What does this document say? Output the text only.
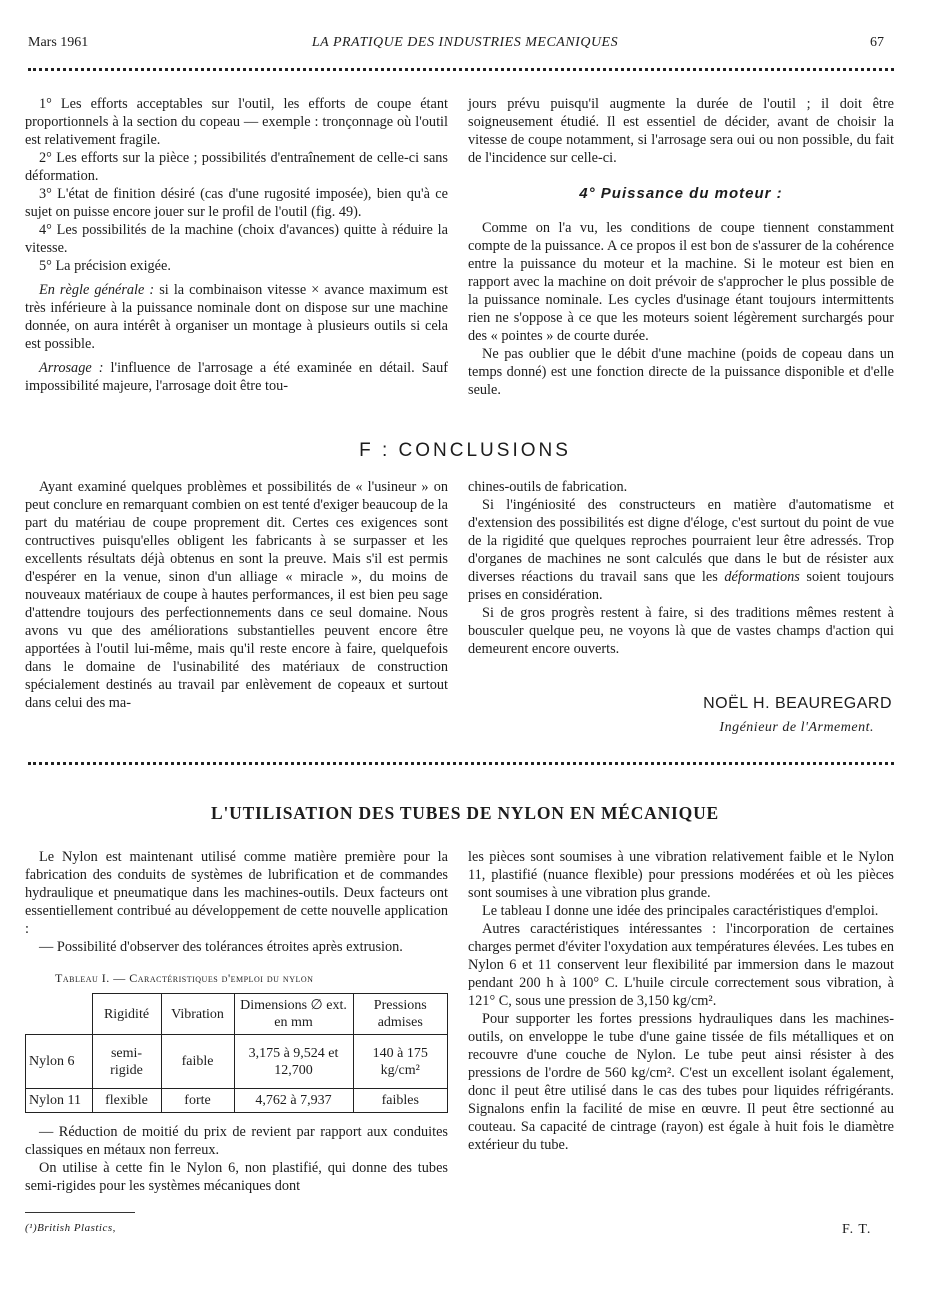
Mars 1961	LA PRATIQUE DES INDUSTRIES MECANIQUES	67

1° Les efforts acceptables sur l'outil, les efforts de coupe étant proportionnels à la section du copeau — exemple : tronçonnage où l'outil est relativement fragile.

2° Les efforts sur la pièce ; possibilités d'entraînement de celle-ci sans déformation.

3° L'état de finition désiré (cas d'une rugosité imposée), bien qu'à ce sujet on puisse encore jouer sur le profil de l'outil (fig. 49).

4° Les possibilités de la machine (choix d'avances) quitte à réduire la vitesse.

5° La précision exigée.

En règle générale : si la combinaison vitesse × avance maximum est très inférieure à la puissance nominale dont on dispose sur une machine donnée, on aura intérêt à organiser un montage à plusieurs outils si cela est possible.

Arrosage : l'influence de l'arrosage a été examinée en détail. Sauf impossibilité majeure, l'arrosage doit être tou-

jours prévu puisqu'il augmente la durée de l'outil ; il doit être soigneusement étudié. Il est essentiel de décider, avant de choisir la vitesse de coupe notamment, si l'arrosage sera oui ou non possible, du fait de l'incidence sur celle-ci.

4° Puissance du moteur :

Comme on l'a vu, les conditions de coupe tiennent constamment compte de la puissance. A ce propos il est bon de s'assurer de la cohérence entre la puissance du moteur et la machine. Si le moteur est bien en rapport avec la machine on doit prévoir de s'approcher le plus possible de la puissance nominale. Les cycles d'usinage étant toujours intermittents rien ne s'oppose à ce que les moteurs soient légèrement surchargés pour des « pointes » de courte durée.

Ne pas oublier que le débit d'une machine (poids de copeau dans un temps donné) est une fonction directe de la puissance disponible et d'elle seule.

F : CONCLUSIONS

Ayant examiné quelques problèmes et possibilités de « l'usineur » on peut conclure en remarquant combien on est tenté d'exiger beaucoup de la part du matériau de coupe proprement dit. Certes ces exigences sont contructives puisqu'elles obligent les fabricants à se surpasser et les excellents résultats déjà obtenus en sont la preuve. Mais s'il est permis d'espérer en la venue, sinon d'un alliage « miracle », du moins de nouveaux matériaux de coupe à hautes performances, il est bien peu sage d'attendre toujours des perfectionnements dans ce seul domaine. Nous avons vu que des améliorations substantielles peuvent encore être apportées à l'outil lui-même, mais qu'il reste encore à faire, quelquefois dans le domaine de l'usinabilité des matériaux de construction spécialement destinés au travail par enlèvement de copeaux et surtout dans celui des ma-

chines-outils de fabrication.

Si l'ingéniosité des constructeurs en matière d'automatisme et d'extension des possibilités est digne d'éloge, c'est surtout du point de vue de la rigidité que quelques reproches pourraient leur être adressés. Trop d'organes de machines ne sont calculés que dans le but de résister aux diverses réactions du travail sans que les déformations soient toujours prises en considération.

Si de gros progrès restent à faire, si des traditions mêmes restent à bousculer quelque peu, ne voyons là que de vastes champs d'action qui demeurent encore ouverts.

NOËL H. BEAUREGARD
Ingénieur de l'Armement.
L'UTILISATION DES TUBES DE NYLON EN MÉCANIQUE

Le Nylon est maintenant utilisé comme matière première pour la fabrication des conduits de systèmes de lubrification et de commandes hydraulique et pneumatique dans les machines-outils. Deux facteurs ont essentiellement contribué au développement de cette nouvelle application :

— Possibilité d'observer des tolérances étroites après extrusion.

Tableau I. — Caractéristiques d'emploi du nylon
	Rigidité	Vibration	Dimensions ∅ ext. en mm	Pressions admises
Nylon 6	semi-rigide	faible	3,175 à 9,524 et 12,700	140 à 175 kg/cm²
Nylon 11	flexible	forte	4,762 à 7,937	faibles

— Réduction de moitié du prix de revient par rapport aux conduites classiques en métaux non ferreux.

On utilise à cette fin le Nylon 6, non plastifié, qui donne des tubes semi-rigides pour les systèmes mécaniques dont

(¹)British Plastics,

les pièces sont soumises à une vibration relativement faible et le Nylon 11, plastifié (nuance flexible) pour pressions modérées et où les pièces sont soumises à une vibration plus grande.

Le tableau I donne une idée des principales caractéristiques d'emploi.

Autres caractéristiques intéressantes : l'incorporation de certaines charges permet d'éviter l'oxydation aux températures élevées. Les tubes en Nylon 6 et 11 conservent leur flexibilité par immersion dans le mazout pendant 200 h à 100° C. L'huile circule correctement sous vibration, à 121° C, sous une pression de 3,150 kg/cm².

Pour supporter les fortes pressions hydrauliques dans les machines-outils, on enveloppe le tube d'une gaine tissée de fils métalliques et on recouvre d'une couche de Nylon. Le tube peut ainsi résister à des pressions de l'ordre de 560 kg/cm². C'est un excellent isolant également, donc il peut être utilisé dans le cas des tubes pour liquides réfrigérants. Signalons enfin la facilité de mise en œuvre. Il peut être sectionné au couteau. Sa capacité de cintrage (rayon) est égale à huit fois le diamètre extérieur du tube.

F. T.
